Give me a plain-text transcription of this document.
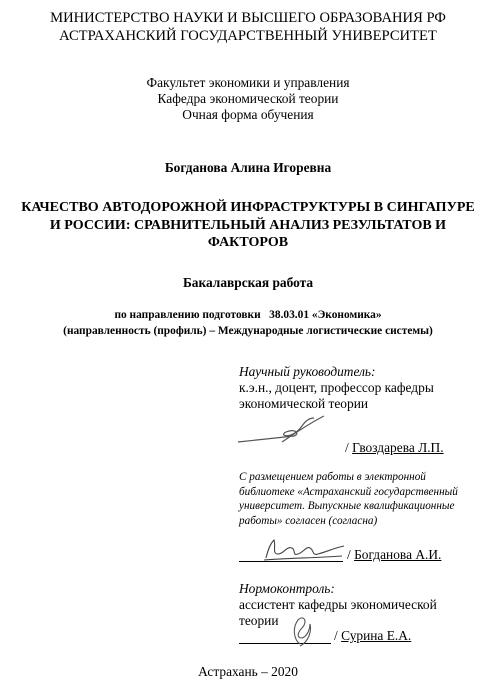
МИНИСТЕРСТВО НАУКИ И ВЫСШЕГО ОБРАЗОВАНИЯ РФ
АСТРАХАНСКИЙ ГОСУДАРСТВЕННЫЙ УНИВЕРСИТЕТ
Факультет экономики и управления
Кафедра экономической теории
Очная форма обучения
Богданова Алина Игоревна
КАЧЕСТВО АВТОДОРОЖНОЙ ИНФРАСТРУКТУРЫ В СИНГАПУРЕ
И РОССИИ: СРАВНИТЕЛЬНЫЙ АНАЛИЗ РЕЗУЛЬТАТОВ И
ФАКТОРОВ
Бакалаврская работа
по направлению подготовки   38.03.01 «Экономика»
(направленность (профиль) – Международные логистические системы)
Научный руководитель:
к.э.н., доцент, профессор кафедры
экономической теории
/ Гвоздарева Л.П.
С размещением работы в электронной
библиотеке «Астраханский государственный
университет. Выпускные квалификационные
работы» согласен (согласна)
/ Богданова А.И.
Нормоконтроль:
ассистент кафедры экономической
теории
/ Сурина Е.А.
Астрахань – 2020
